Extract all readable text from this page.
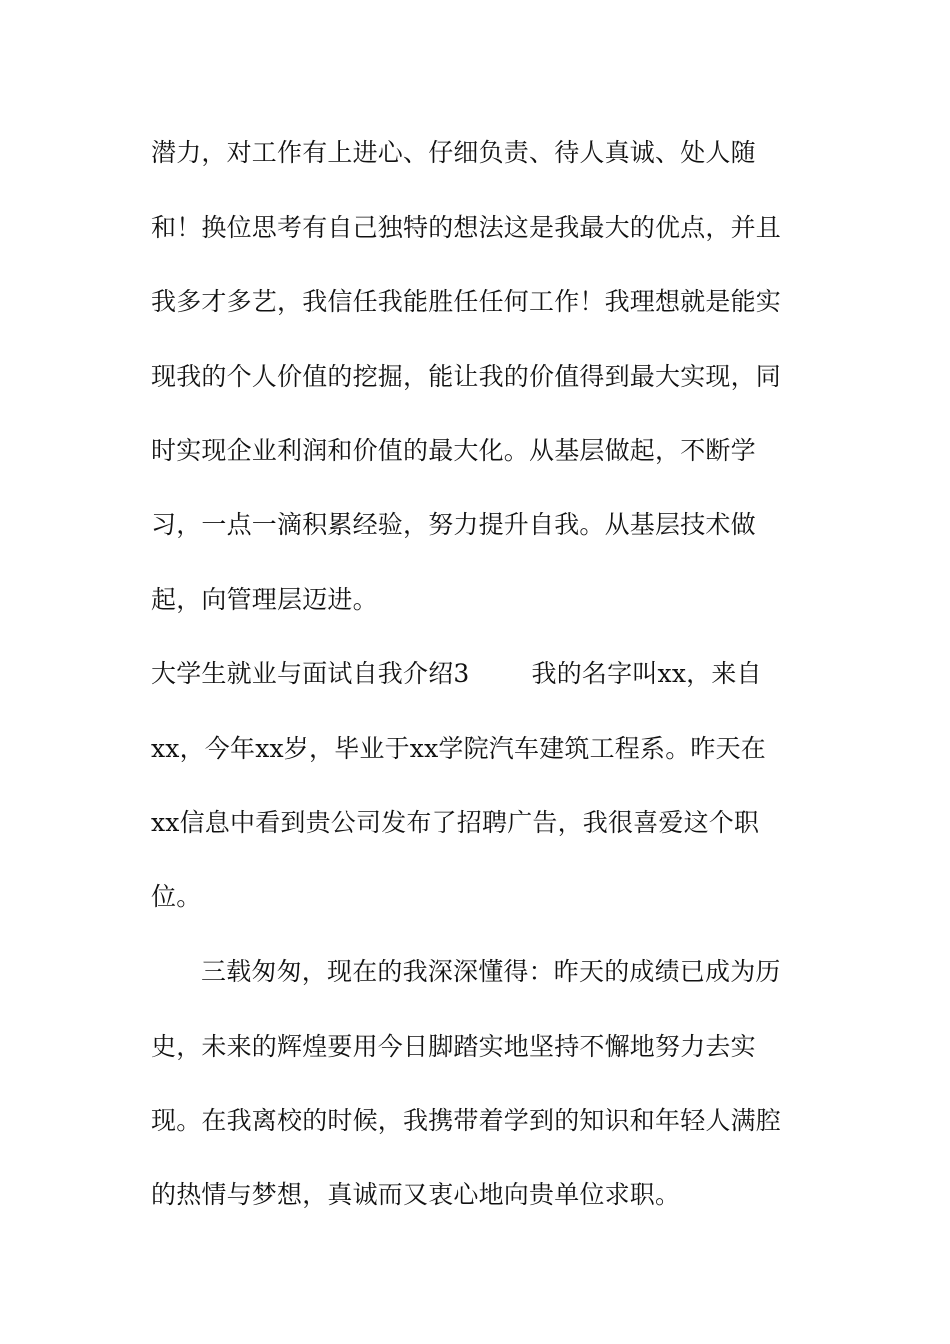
潜力，对工作有上进心、仔细负责、待人真诚、处人随
和！换位思考有自己独特的想法这是我最大的优点，并且
我多才多艺，我信任我能胜任任何工作！我理想就是能实
现我的个人价值的挖掘，能让我的价值得到最大实现，同
时实现企业利润和价值的最大化。从基层做起，不断学
习，一点一滴积累经验，努力提升自我。从基层技术做
起，向管理层迈进。
大学生就业与面试自我介绍3 我的名字叫xx，来自
xx，今年xx岁，毕业于xx学院汽车建筑工程系。昨天在
xx信息中看到贵公司发布了招聘广告，我很喜爱这个职
位。
三载匆匆，现在的我深深懂得：昨天的成绩已成为历
史，未来的辉煌要用今日脚踏实地坚持不懈地努力去实
现。在我离校的时候，我携带着学到的知识和年轻人满腔
的热情与梦想，真诚而又衷心地向贵单位求职。
